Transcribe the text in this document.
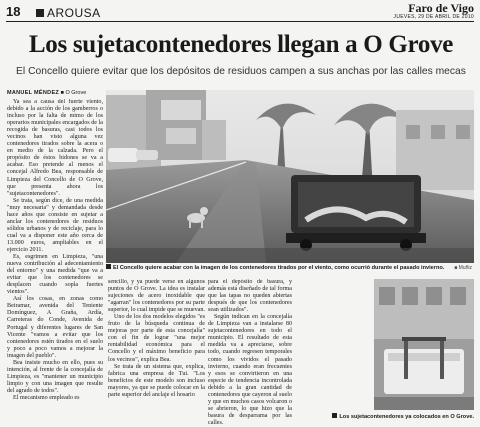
18	AROUSA	Faro de Vigo
JUEVES, 29 DE ABRIL DE 2010
Los sujetacontenedores llegan a O Grove
El Concello quiere evitar que los depósitos de residuos campen a sus anchas por las calles mecas
MANUEL MÉNDEZ ■ O Grove

Ya sea a causa del fuerte viento, debido a la acción de los gamberros o incluso por la falta de mimo de los operarios municipales encargados de la recogida de basuras, casi todos los vecinos han visto alguna vez contenedores tirados sobre la acera o en medio de la calzada. Pero el propósito de éstos bidones se va a acabar. Eso pretende al menos el concejal Alfredo Bea, responsable de Limpieza del Concello de O Grove, que presenta ahora los "sujetacontenedores".

Se trata, según dice, de una medida "muy necesaria" y demandada desde hace años que consiste en sujetar a anclar los contenedores de residuos sólidos urbanos y de reciclaje, para lo cual va a disponer este año cerca de 13.000 euros, ampliables en el ejercicio 2011.

Es, esgrimen en Limpieza, "una nueva contribución al adecentamiento del entorno" y una medida "que va a evitar que los contenedores se desplacen cuando sopla fuertes vientos".

Así los cosas, en zonas como Beiramar, avenida del Teniente Domínguez, A Graña, Ardía, Carreteras do Conde, Avenida de Portugal y diferentes lugares de San Vicente "vamos a evitar que los contenedores estén tirados en el suelo y poco a poco vamos a mejorar la imagen del pueblo".

Bea insiste mucho en ello, pues su intención, al frente de la concejalía de Limpieza, es "mantener un municipio limpio y con una imagen que resulte del agrado de todos".

El mecanismo empleado es

El Concello quiere acabar con la imagen de los contenedores tirados por el viento, como ocurrió durante el pasado invierno. ■ Muñiz

sencillo, y ya puede verse en algunos puntos de O Grove. La idea es instalar sujeciones de acero inoxidable que "agarran" los contenedores por su parte superior, lo cual impide que se muevan.

Uno de los dos modelos elegidos "es fruto de la búsqueda continua de mejoras por parte de esta concejalía" con el fin de lograr "una mejor rentabilidad económica para el Concello y el máximo beneficio para los vecinos", explica Bea.

Se trata de un sistema que, explica, fabrica una empresa de Tui. "Los beneficios de este modelo son incluso mayores, ya que se puede colocar en la parte superior del anclaje el hosario

para el depósito de basura, y además está diseñado de tal forma que las tapas no queden abiertas después de que los contenedores sean utilizados".

Según indican en la concejalía de Limpieza van a instalarse 80 sujetacontenedores en todo el municipio. El resultado de esta medida va a apreciarse, sobre todo, cuando regresen temporales como los vividos el pasado invierno, cuando eran frecuentes y esos se convirtieron en una especie de tendencia incontrolada debido a la gran cantidad de contenedores que cayeron al suelo y que en muchos casos volcaron o se abrieron, lo que hizo que la basura de desparrama por las calles.

Los sujetacontenedores ya colocados en O Grove.
